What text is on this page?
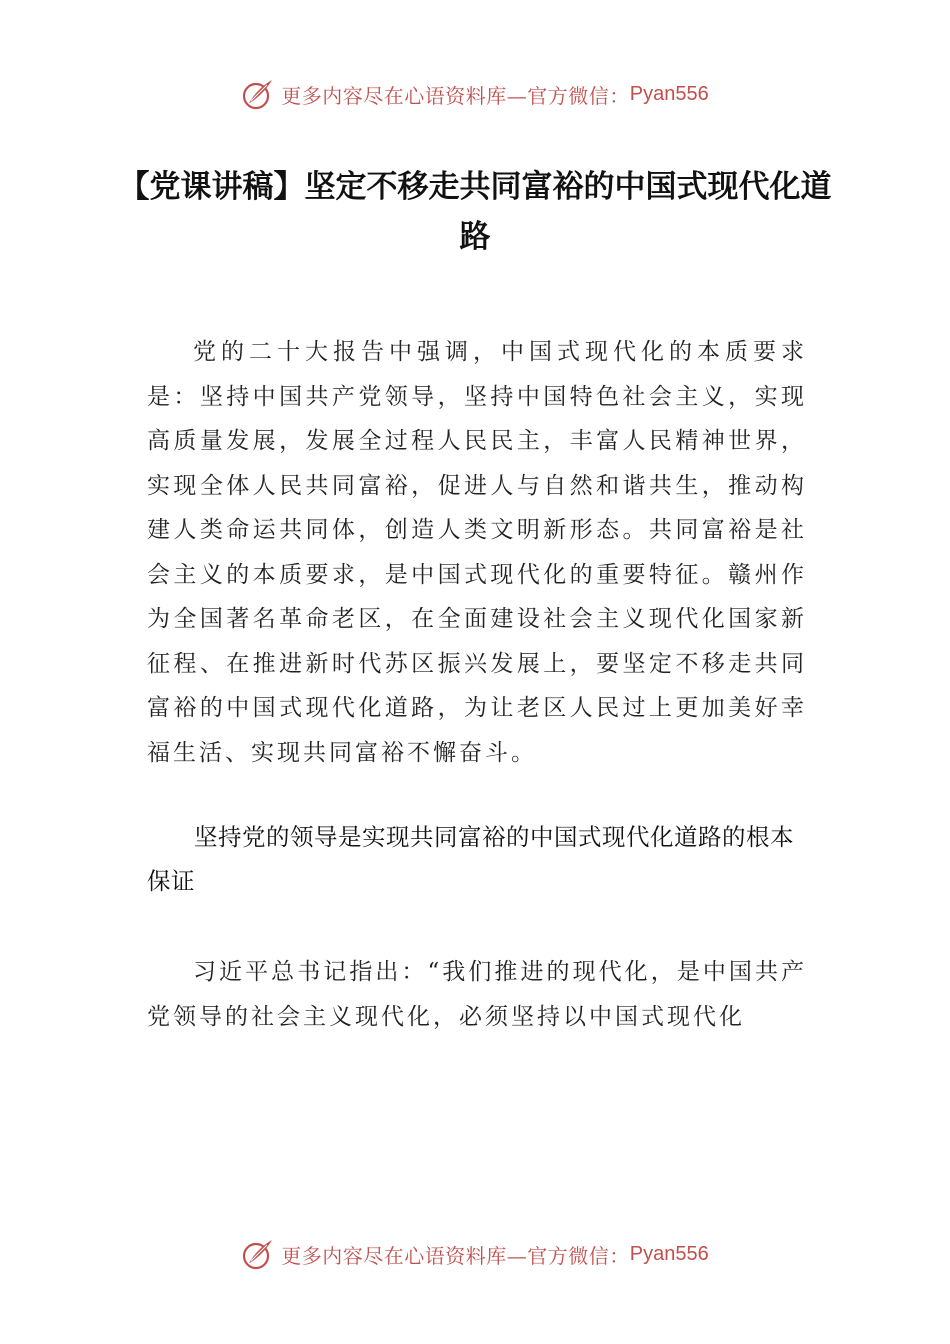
更多内容尽在心语资料库—官方微信： Pyan556
【党课讲稿】坚定不移走共同富裕的中国式现代化道路

党的二十大报告中强调，中国式现代化的本质要求是：坚持中国共产党领导，坚持中国特色社会主义，实现高质量发展，发展全过程人民民主，丰富人民精神世界，实现全体人民共同富裕，促进人与自然和谐共生，推动构建人类命运共同体，创造人类文明新形态。共同富裕是社会主义的本质要求，是中国式现代化的重要特征。赣州作为全国著名革命老区，在全面建设社会主义现代化国家新征程、在推进新时代苏区振兴发展上，要坚定不移走共同富裕的中国式现代化道路，为让老区人民过上更加美好幸福生活、实现共同富裕不懈奋斗。

坚持党的领导是实现共同富裕的中国式现代化道路的根本保证

习近平总书记指出：“我们推进的现代化，是中国共产党领导的社会主义现代化，必须坚持以中国式现代化

更多内容尽在心语资料库—官方微信： Pyan556
